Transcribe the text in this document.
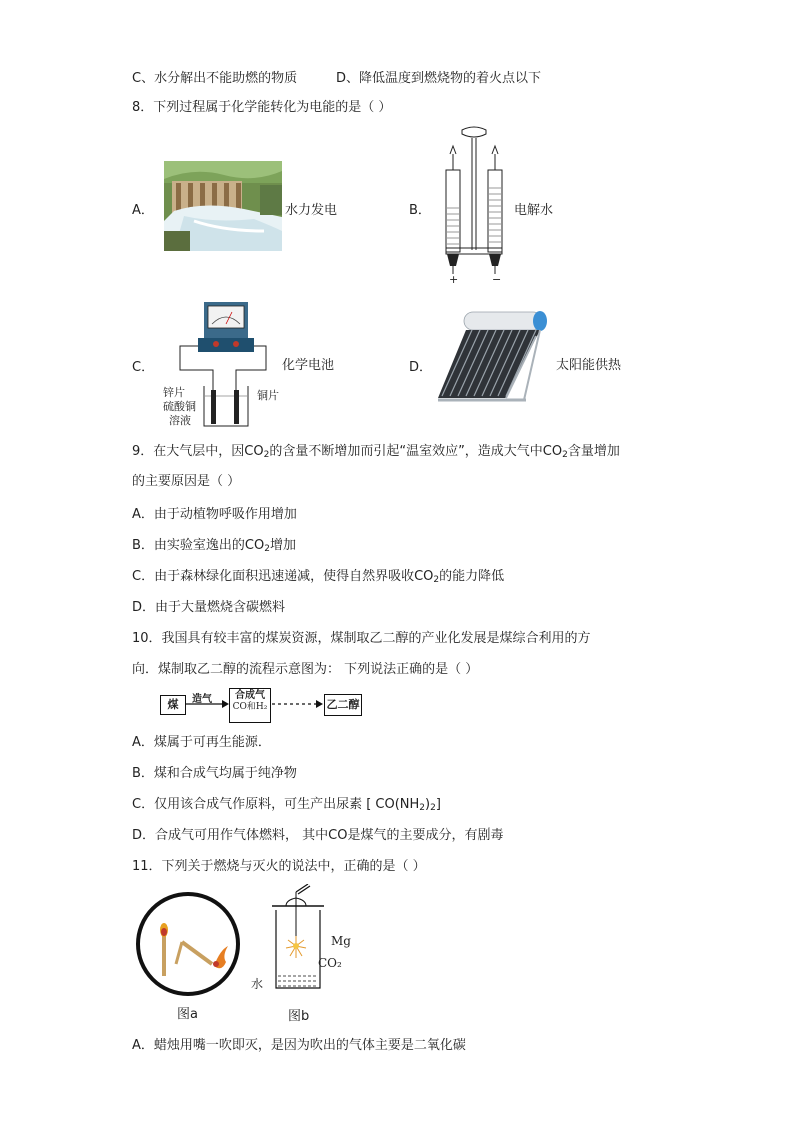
C、水分解出不能助燃的物质	D、降低温度到燃烧物的着火点以下
8．下列过程属于化学能转化为电能的是（ ）
A．	水力发电	B．
+	−
电解水
C．
锌片	铜片
硫酸铜
溶液
化学电池	D．	太阳能供热
9．在大气层中，因$CO_2$的含量不断增加而引起“温室效应”，造成大气中$CO_2$含量增加
的主要原因是（ ）
A．由于动植物呼吸作用增加
B．由实验室逸出的$CO_2$增加
C．由于森林绿化面积迅速递减，使得自然界吸收$CO_2$的能力降低
D．由于大量燃烧含碳燃料
10．我国具有较丰富的煤炭资源，煤制取乙二醇的产业化发展是煤综合利用的方
向．煤制取乙二醇的流程示意图为： 下列说法正确的是（ ）
煤	造气	合成气
CO和H₂	乙二醇
A．煤属于可再生能源．
B．煤和合成气均属于纯净物
C．仅用该合成气作原料，可生产出尿素 [ $CO(NH_2)_2$]
D．合成气可用作气体燃料， 其中CO是煤气的主要成分，有剧毒
11．下列关于燃烧与灭火的说法中，正确的是（ ）
图a
Mg
CO₂
水
图b
A．蜡烛用嘴一吹即灭，是因为吹出的气体主要是二氧化碳
